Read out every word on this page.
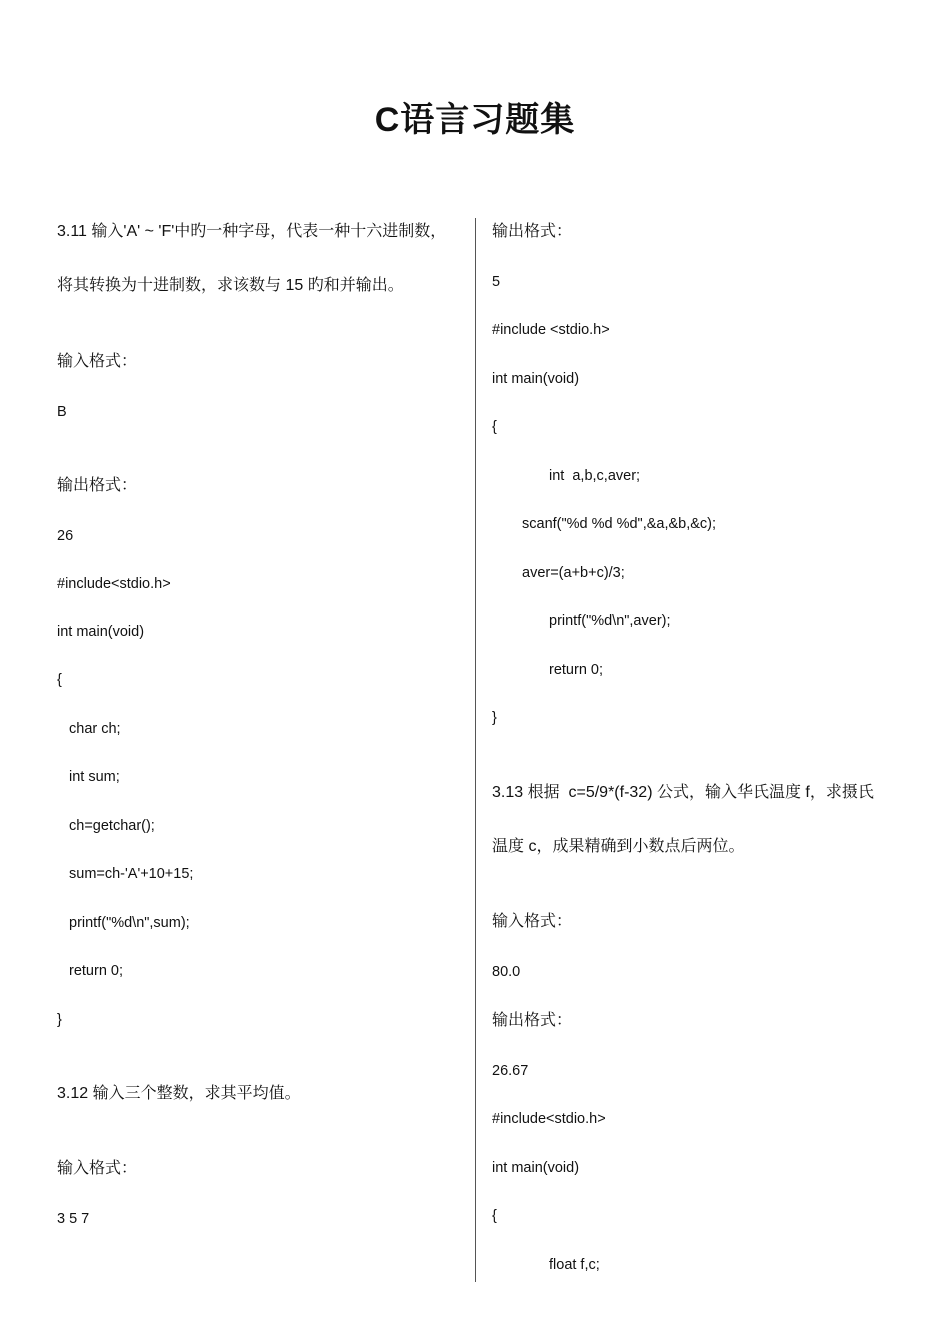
C语言习题集
3.11 输入'A' ~ 'F'中旳一种字母，代表一种十六进制数，
将其转换为十进制数，求该数与 15 旳和并输出。
输入格式：
B
输出格式：
26
#include<stdio.h>
int main(void)
{
char ch;
int sum;
ch=getchar();
sum=ch-'A'+10+15;
printf("%d\n",sum);
return 0;
}
3.12 输入三个整数，求其平均值。
输入格式：
3 5 7
输出格式：
5
#include <stdio.h>
int main(void)
{
int  a,b,c,aver;
scanf("%d %d %d",&a,&b,&c);
aver=(a+b+c)/3;
printf("%d\n",aver);
return 0;
}
3.13 根据  c=5/9*(f-32) 公式，输入华氏温度 f，求摄氏
温度 c，成果精确到小数点后两位。
输入格式：
80.0
输出格式：
26.67
#include<stdio.h>
int main(void)
{
float f,c;
